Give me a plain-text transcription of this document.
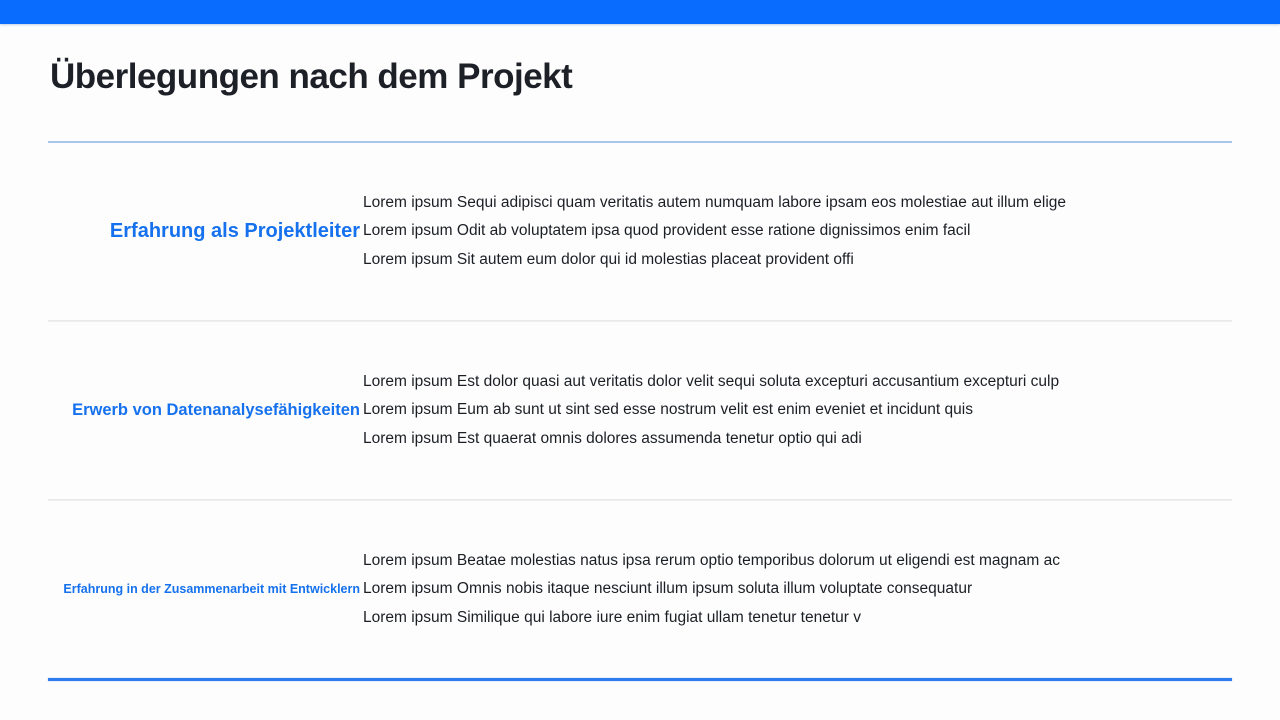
Überlegungen nach dem Projekt
Erfahrung als Projektleiter
Lorem ipsum Sequi adipisci quam veritatis autem numquam labore ipsam eos molestiae aut illum elige
Lorem ipsum Odit ab voluptatem ipsa quod provident esse ratione dignissimos enim facil
Lorem ipsum Sit autem eum dolor qui id molestias placeat provident offi
Erwerb von Datenanalysefähigkeiten
Lorem ipsum Est dolor quasi aut veritatis dolor velit sequi soluta excepturi accusantium excepturi culp
Lorem ipsum Eum ab sunt ut sint sed esse nostrum velit est enim eveniet et incidunt quis
Lorem ipsum Est quaerat omnis dolores assumenda tenetur optio qui adi
Erfahrung in der Zusammenarbeit mit Entwicklern
Lorem ipsum Beatae molestias natus ipsa rerum optio temporibus dolorum ut eligendi est magnam ac
Lorem ipsum Omnis nobis itaque nesciunt illum ipsum soluta illum voluptate consequatur
Lorem ipsum Similique qui labore iure enim fugiat ullam tenetur tenetur v
